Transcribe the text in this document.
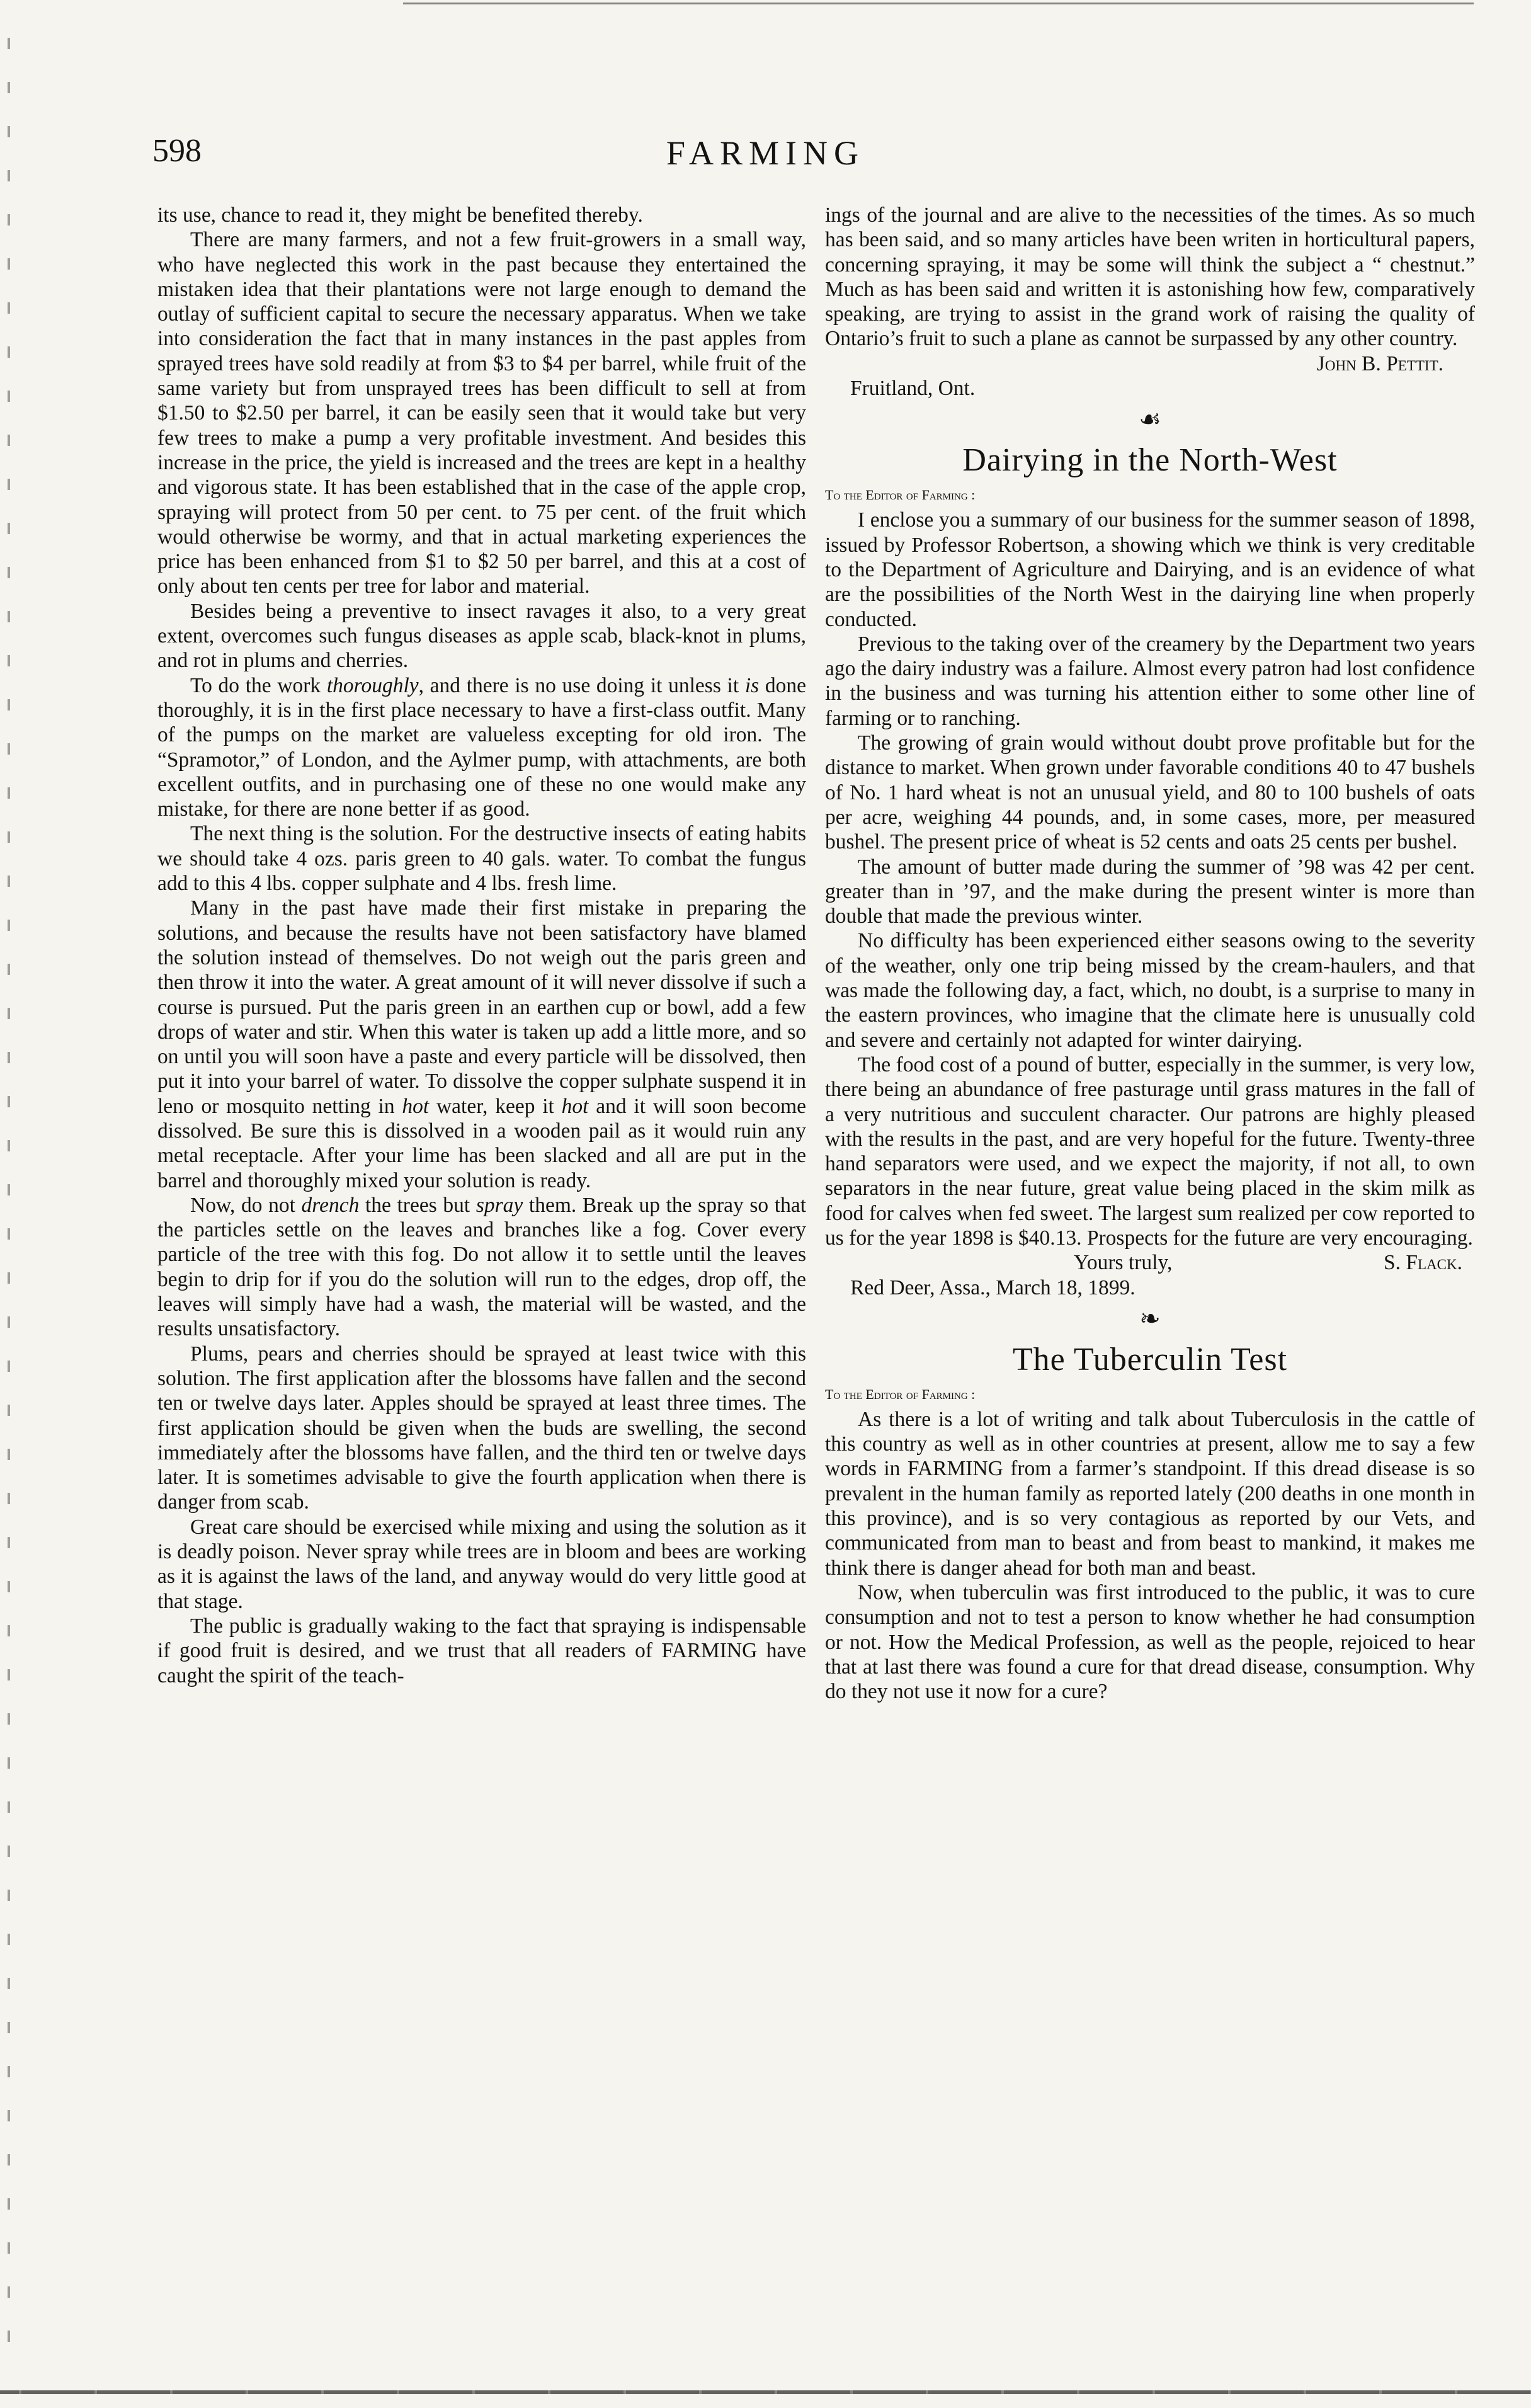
598	FARMING

its use, chance to read it, they might be benefited thereby.

There are many farmers, and not a few fruit-growers in a small way, who have neglected this work in the past because they entertained the mistaken idea that their plantations were not large enough to demand the outlay of sufficient capital to secure the necessary apparatus. When we take into consideration the fact that in many instances in the past apples from sprayed trees have sold readily at from $3 to $4 per barrel, while fruit of the same variety but from unsprayed trees has been difficult to sell at from $1.50 to $2.50 per barrel, it can be easily seen that it would take but very few trees to make a pump a very profitable investment. And besides this increase in the price, the yield is increased and the trees are kept in a healthy and vigorous state. It has been established that in the case of the apple crop, spraying will protect from 50 per cent. to 75 per cent. of the fruit which would otherwise be wormy, and that in actual marketing experiences the price has been enhanced from $1 to $2 50 per barrel, and this at a cost of only about ten cents per tree for labor and material.

Besides being a preventive to insect ravages it also, to a very great extent, overcomes such fungus diseases as apple scab, black-knot in plums, and rot in plums and cherries.

To do the work thoroughly, and there is no use doing it unless it is done thoroughly, it is in the first place necessary to have a first-class outfit. Many of the pumps on the market are valueless excepting for old iron. The “Spramotor,” of London, and the Aylmer pump, with attachments, are both excellent outfits, and in purchasing one of these no one would make any mistake, for there are none better if as good.

The next thing is the solution. For the destructive insects of eating habits we should take 4 ozs. paris green to 40 gals. water. To combat the fungus add to this 4 lbs. copper sulphate and 4 lbs. fresh lime.

Many in the past have made their first mistake in preparing the solutions, and because the results have not been satisfactory have blamed the solution instead of themselves. Do not weigh out the paris green and then throw it into the water. A great amount of it will never dissolve if such a course is pursued. Put the paris green in an earthen cup or bowl, add a few drops of water and stir. When this water is taken up add a little more, and so on until you will soon have a paste and every particle will be dissolved, then put it into your barrel of water. To dissolve the copper sulphate suspend it in leno or mosquito netting in hot water, keep it hot and it will soon become dissolved. Be sure this is dissolved in a wooden pail as it would ruin any metal receptacle. After your lime has been slacked and all are put in the barrel and thoroughly mixed your solution is ready.

Now, do not drench the trees but spray them. Break up the spray so that the particles settle on the leaves and branches like a fog. Cover every particle of the tree with this fog. Do not allow it to settle until the leaves begin to drip for if you do the solution will run to the edges, drop off, the leaves will simply have had a wash, the material will be wasted, and the results unsatisfactory.

Plums, pears and cherries should be sprayed at least twice with this solution. The first application after the blossoms have fallen and the second ten or twelve days later. Apples should be sprayed at least three times. The first application should be given when the buds are swelling, the second immediately after the blossoms have fallen, and the third ten or twelve days later. It is sometimes advisable to give the fourth application when there is danger from scab.

Great care should be exercised while mixing and using the solution as it is deadly poison. Never spray while trees are in bloom and bees are working as it is against the laws of the land, and anyway would do very little good at that stage.

The public is gradually waking to the fact that spraying is indispensable if good fruit is desired, and we trust that all readers of FARMING have caught the spirit of the teach-

ings of the journal and are alive to the necessities of the times. As so much has been said, and so many articles have been writen in horticultural papers, concerning spraying, it may be some will think the subject a “ chestnut.” Much as has been said and written it is astonishing how few, comparatively speaking, are trying to assist in the grand work of raising the quality of Ontario’s fruit to such a plane as cannot be surpassed by any other country.

John B. Pettit.
Fruitland, Ont.
☙
Dairying in the North-West
To the Editor of Farming :

I enclose you a summary of our business for the summer season of 1898, issued by Professor Robertson, a showing which we think is very creditable to the Department of Agriculture and Dairying, and is an evidence of what are the possibilities of the North West in the dairying line when properly conducted.

Previous to the taking over of the creamery by the Department two years ago the dairy industry was a failure. Almost every patron had lost confidence in the business and was turning his attention either to some other line of farming or to ranching.

The growing of grain would without doubt prove profitable but for the distance to market. When grown under favorable conditions 40 to 47 bushels of No. 1 hard wheat is not an unusual yield, and 80 to 100 bushels of oats per acre, weighing 44 pounds, and, in some cases, more, per measured bushel. The present price of wheat is 52 cents and oats 25 cents per bushel.

The amount of butter made during the summer of ’98 was 42 per cent. greater than in ’97, and the make during the present winter is more than double that made the previous winter.

No difficulty has been experienced either seasons owing to the severity of the weather, only one trip being missed by the cream-haulers, and that was made the following day, a fact, which, no doubt, is a surprise to many in the eastern provinces, who imagine that the climate here is unusually cold and severe and certainly not adapted for winter dairying.

The food cost of a pound of butter, especially in the summer, is very low, there being an abundance of free pasturage until grass matures in the fall of a very nutritious and succulent character. Our patrons are highly pleased with the results in the past, and are very hopeful for the future. Twenty-three hand separators were used, and we expect the majority, if not all, to own separators in the near future, great value being placed in the skim milk as food for calves when fed sweet. The largest sum realized per cow reported to us for the year 1898 is $40.13. Prospects for the future are very encouraging.

Yours truly,	S. Flack.
Red Deer, Assa., March 18, 1899.
❧
The Tuberculin Test
To the Editor of Farming :

As there is a lot of writing and talk about Tuberculosis in the cattle of this country as well as in other countries at present, allow me to say a few words in FARMING from a farmer’s standpoint. If this dread disease is so prevalent in the human family as reported lately (200 deaths in one month in this province), and is so very contagious as reported by our Vets, and communicated from man to beast and from beast to mankind, it makes me think there is danger ahead for both man and beast.

Now, when tuberculin was first introduced to the public, it was to cure consumption and not to test a person to know whether he had consumption or not. How the Medical Profession, as well as the people, rejoiced to hear that at last there was found a cure for that dread disease, consumption. Why do they not use it now for a cure?
